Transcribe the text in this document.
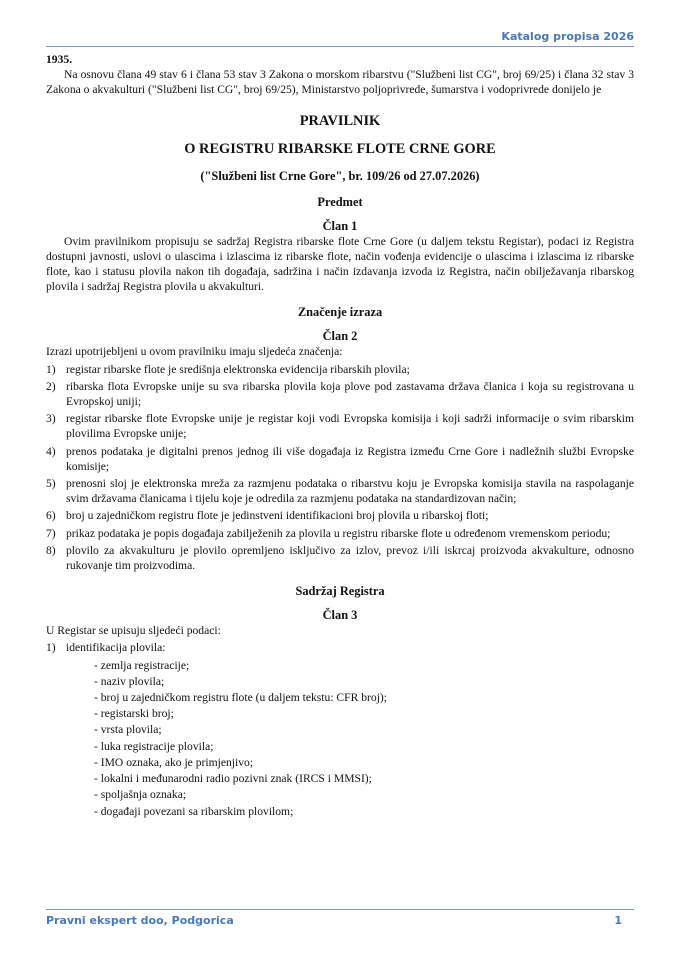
Katalog propisa 2026

1935.

Na osnovu člana 49 stav 6 i člana 53 stav 3 Zakona o morskom ribarstvu ("Službeni list CG", broj 69/25) i člana 32 stav 3 Zakona o akvakulturi ("Službeni list CG", broj 69/25), Ministarstvo poljoprivrede, šumarstva i vodoprivrede donijelo je

PRAVILNIK
O REGISTRU RIBARSKE FLOTE CRNE GORE
("Službeni list Crne Gore", br. 109/26 od 27.07.2026)
Predmet
Član 1

Ovim pravilnikom propisuju se sadržaj Registra ribarske flote Crne Gore (u daljem tekstu Registar), podaci iz Registra dostupni javnosti, uslovi o ulascima i izlascima iz ribarske flote, način vođenja evidencije o ulascima i izlascima iz ribarske flote, kao i statusu plovila nakon tih događaja, sadržina i način izdavanja izvoda iz Registra, način obilježavanja ribarskog plovila i sadržaj Registra plovila u akvakulturi.

Značenje izraza
Član 2

Izrazi upotrijebljeni u ovom pravilniku imaju sljedeća značenja:

1) registar ribarske flote je središnja elektronska evidencija ribarskih plovila;
2) ribarska flota Evropske unije su sva ribarska plovila koja plove pod zastavama država članica i koja su registrovana u Evropskoj uniji;
3) registar ribarske flote Evropske unije je registar koji vodi Evropska komisija i koji sadrži informacije o svim ribarskim plovilima Evropske unije;
4) prenos podataka je digitalni prenos jednog ili više događaja iz Registra između Crne Gore i nadležnih službi Evropske komisije;
5) prenosni sloj je elektronska mreža za razmjenu podataka o ribarstvu koju je Evropska komisija stavila na raspolaganje svim državama članicama i tijelu koje je odredila za razmjenu podataka na standardizovan način;
6) broj u zajedničkom registru flote je jedinstveni identifikacioni broj plovila u ribarskoj floti;
7) prikaz podataka je popis događaja zabilježenih za plovila u registru ribarske flote u određenom vremenskom periodu;
8) plovilo za akvakulturu je plovilo opremljeno isključivo za izlov, prevoz i/ili iskrcaj proizvoda akvakulture, odnosno rukovanje tim proizvodima.
Sadržaj Registra
Član 3

U Registar se upisuju sljedeći podaci:

1) identifikacija plovila:
- zemlja registracije;
- naziv plovila;
- broj u zajedničkom registru flote (u daljem tekstu: CFR broj);
- registarski broj;
- vrsta plovila;
- luka registracije plovila;
- IMO oznaka, ako je primjenjivo;
- lokalni i međunarodni radio pozivni znak (IRCS i MMSI);
- spoljašnja oznaka;
- događaji povezani sa ribarskim plovilom;
Pravni ekspert doo, Podgorica	1
